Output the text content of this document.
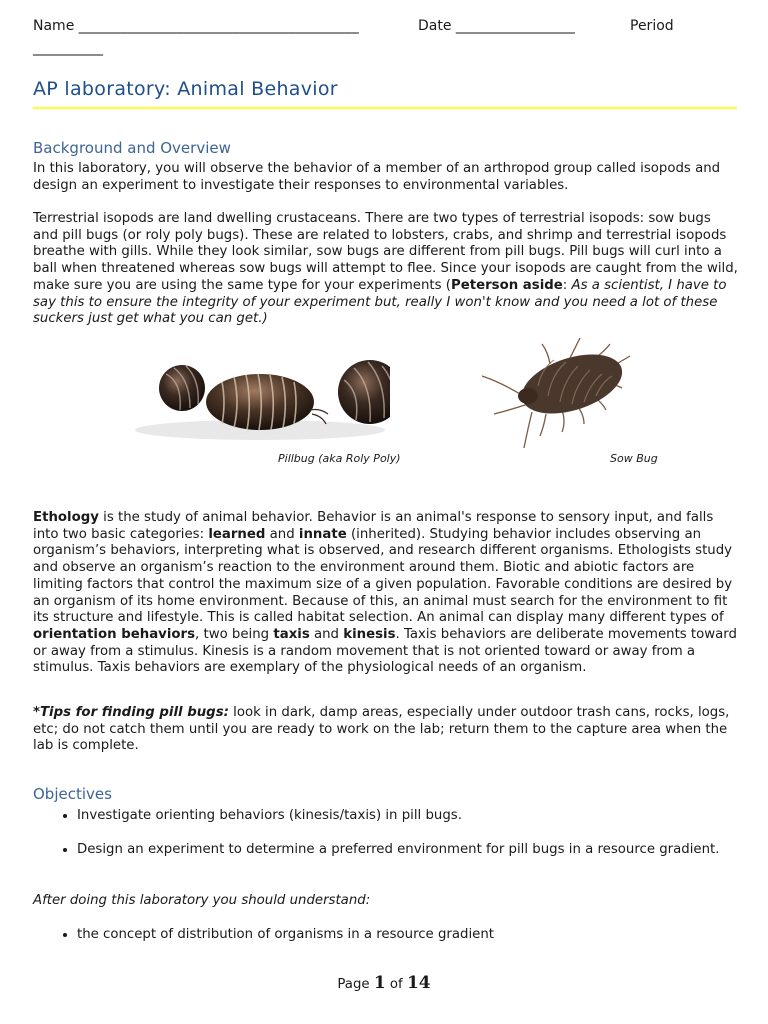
Name ________________________________________	Date _________________	Period
__________
AP laboratory: Animal Behavior
Background and Overview
In this laboratory, you will observe the behavior of a member of an arthropod group called isopods and design an experiment to investigate their responses to environmental variables.
Terrestrial isopods are land dwelling crustaceans. There are two types of terrestrial isopods: sow bugs and pill bugs (or roly poly bugs). These are related to lobsters, crabs, and shrimp and terrestrial isopods breathe with gills. While they look similar, sow bugs are different from pill bugs. Pill bugs will curl into a ball when threatened whereas sow bugs will attempt to flee. Since your isopods are caught from the wild, make sure you are using the same type for your experiments (Peterson aside: As a scientist, I have to say this to ensure the integrity of your experiment but, really I won't know and you need a lot of these suckers just get what you can get.)
Pillbug (aka Roly Poly)	Sow Bug
Ethology is the study of animal behavior. Behavior is an animal's response to sensory input, and falls into two basic categories: learned and innate (inherited). Studying behavior includes observing an organism’s behaviors, interpreting what is observed, and research different organisms. Ethologists study and observe an organism’s reaction to the environment around them. Biotic and abiotic factors are limiting factors that control the maximum size of a given population. Favorable conditions are desired by an organism of its home environment. Because of this, an animal must search for the environment to fit its structure and lifestyle. This is called habitat selection. An animal can display many different types of orientation behaviors, two being taxis and kinesis. Taxis behaviors are deliberate movements toward or away from a stimulus. Kinesis is a random movement that is not oriented toward or away from a stimulus. Taxis behaviors are exemplary of the physiological needs of an organism.
*Tips for finding pill bugs: look in dark, damp areas, especially under outdoor trash cans, rocks, logs, etc; do not catch them until you are ready to work on the lab; return them to the capture area when the lab is complete.
Objectives
• Investigate orienting behaviors (kinesis/taxis) in pill bugs.
• Design an experiment to determine a preferred environment for pill bugs in a resource gradient.
After doing this laboratory you should understand:
• the concept of distribution of organisms in a resource gradient
Page 1 of 14
